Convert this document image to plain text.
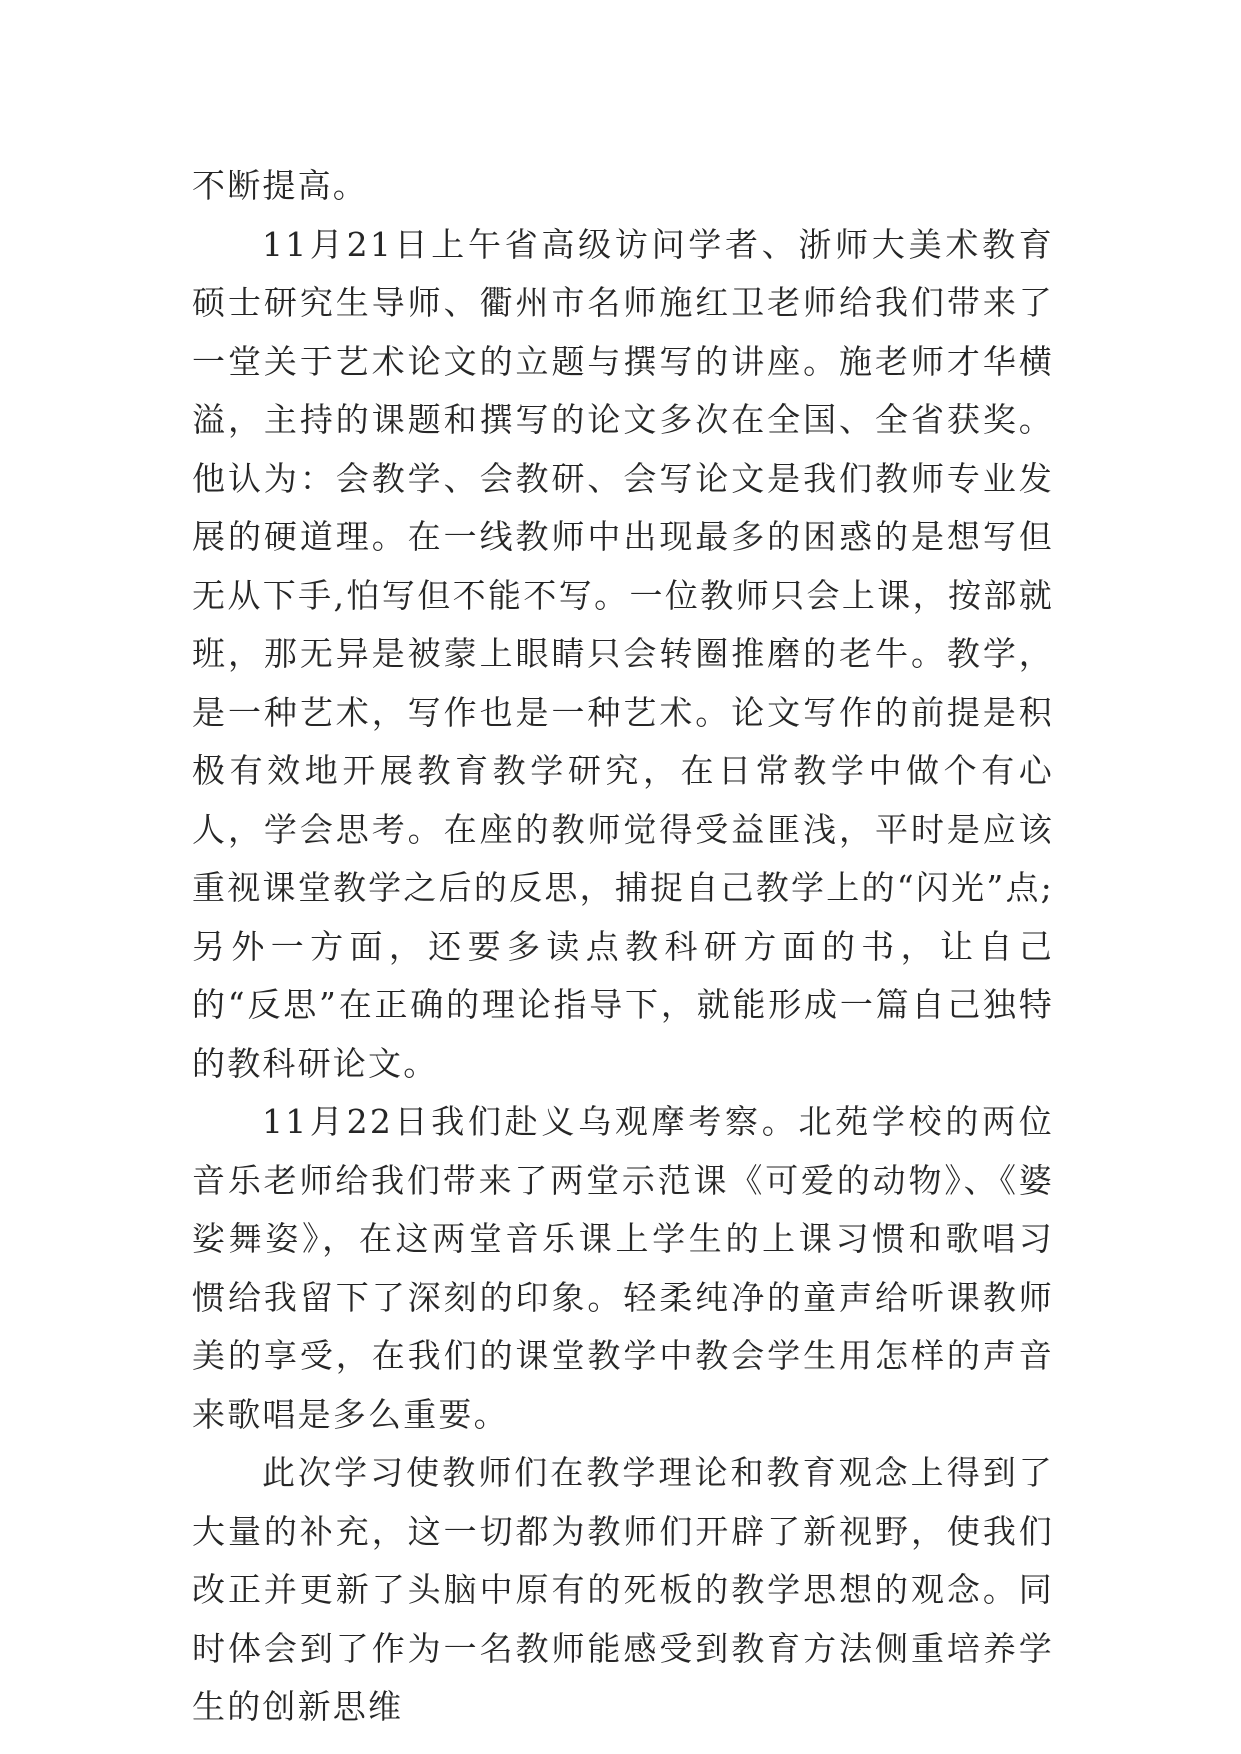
不断提高。

11月21日上午省高级访问学者、浙师大美术教育硕士研究生导师、衢州市名师施红卫老师给我们带来了一堂关于艺术论文的立题与撰写的讲座。施老师才华横溢，主持的课题和撰写的论文多次在全国、全省获奖。他认为：会教学、会教研、会写论文是我们教师专业发展的硬道理。在一线教师中出现最多的困惑的是想写但无从下手,怕写但不能不写。一位教师只会上课，按部就班，那无异是被蒙上眼睛只会转圈推磨的老牛。教学，是一种艺术，写作也是一种艺术。论文写作的前提是积极有效地开展教育教学研究，在日常教学中做个有心人，学会思考。在座的教师觉得受益匪浅，平时是应该重视课堂教学之后的反思，捕捉自己教学上的“闪光”点;另外一方面，还要多读点教科研方面的书，让自己的“反思”在正确的理论指导下，就能形成一篇自己独特的教科研论文。

11月22日我们赴义乌观摩考察。北苑学校的两位音乐老师给我们带来了两堂示范课《可爱的动物》、《婆娑舞姿》，在这两堂音乐课上学生的上课习惯和歌唱习惯给我留下了深刻的印象。轻柔纯净的童声给听课教师美的享受，在我们的课堂教学中教会学生用怎样的声音来歌唱是多么重要。

此次学习使教师们在教学理论和教育观念上得到了大量的补充，这一切都为教师们开辟了新视野，使我们改正并更新了头脑中原有的死板的教学思想的观念。同时体会到了作为一名教师能感受到教育方法侧重培养学生的创新思维
